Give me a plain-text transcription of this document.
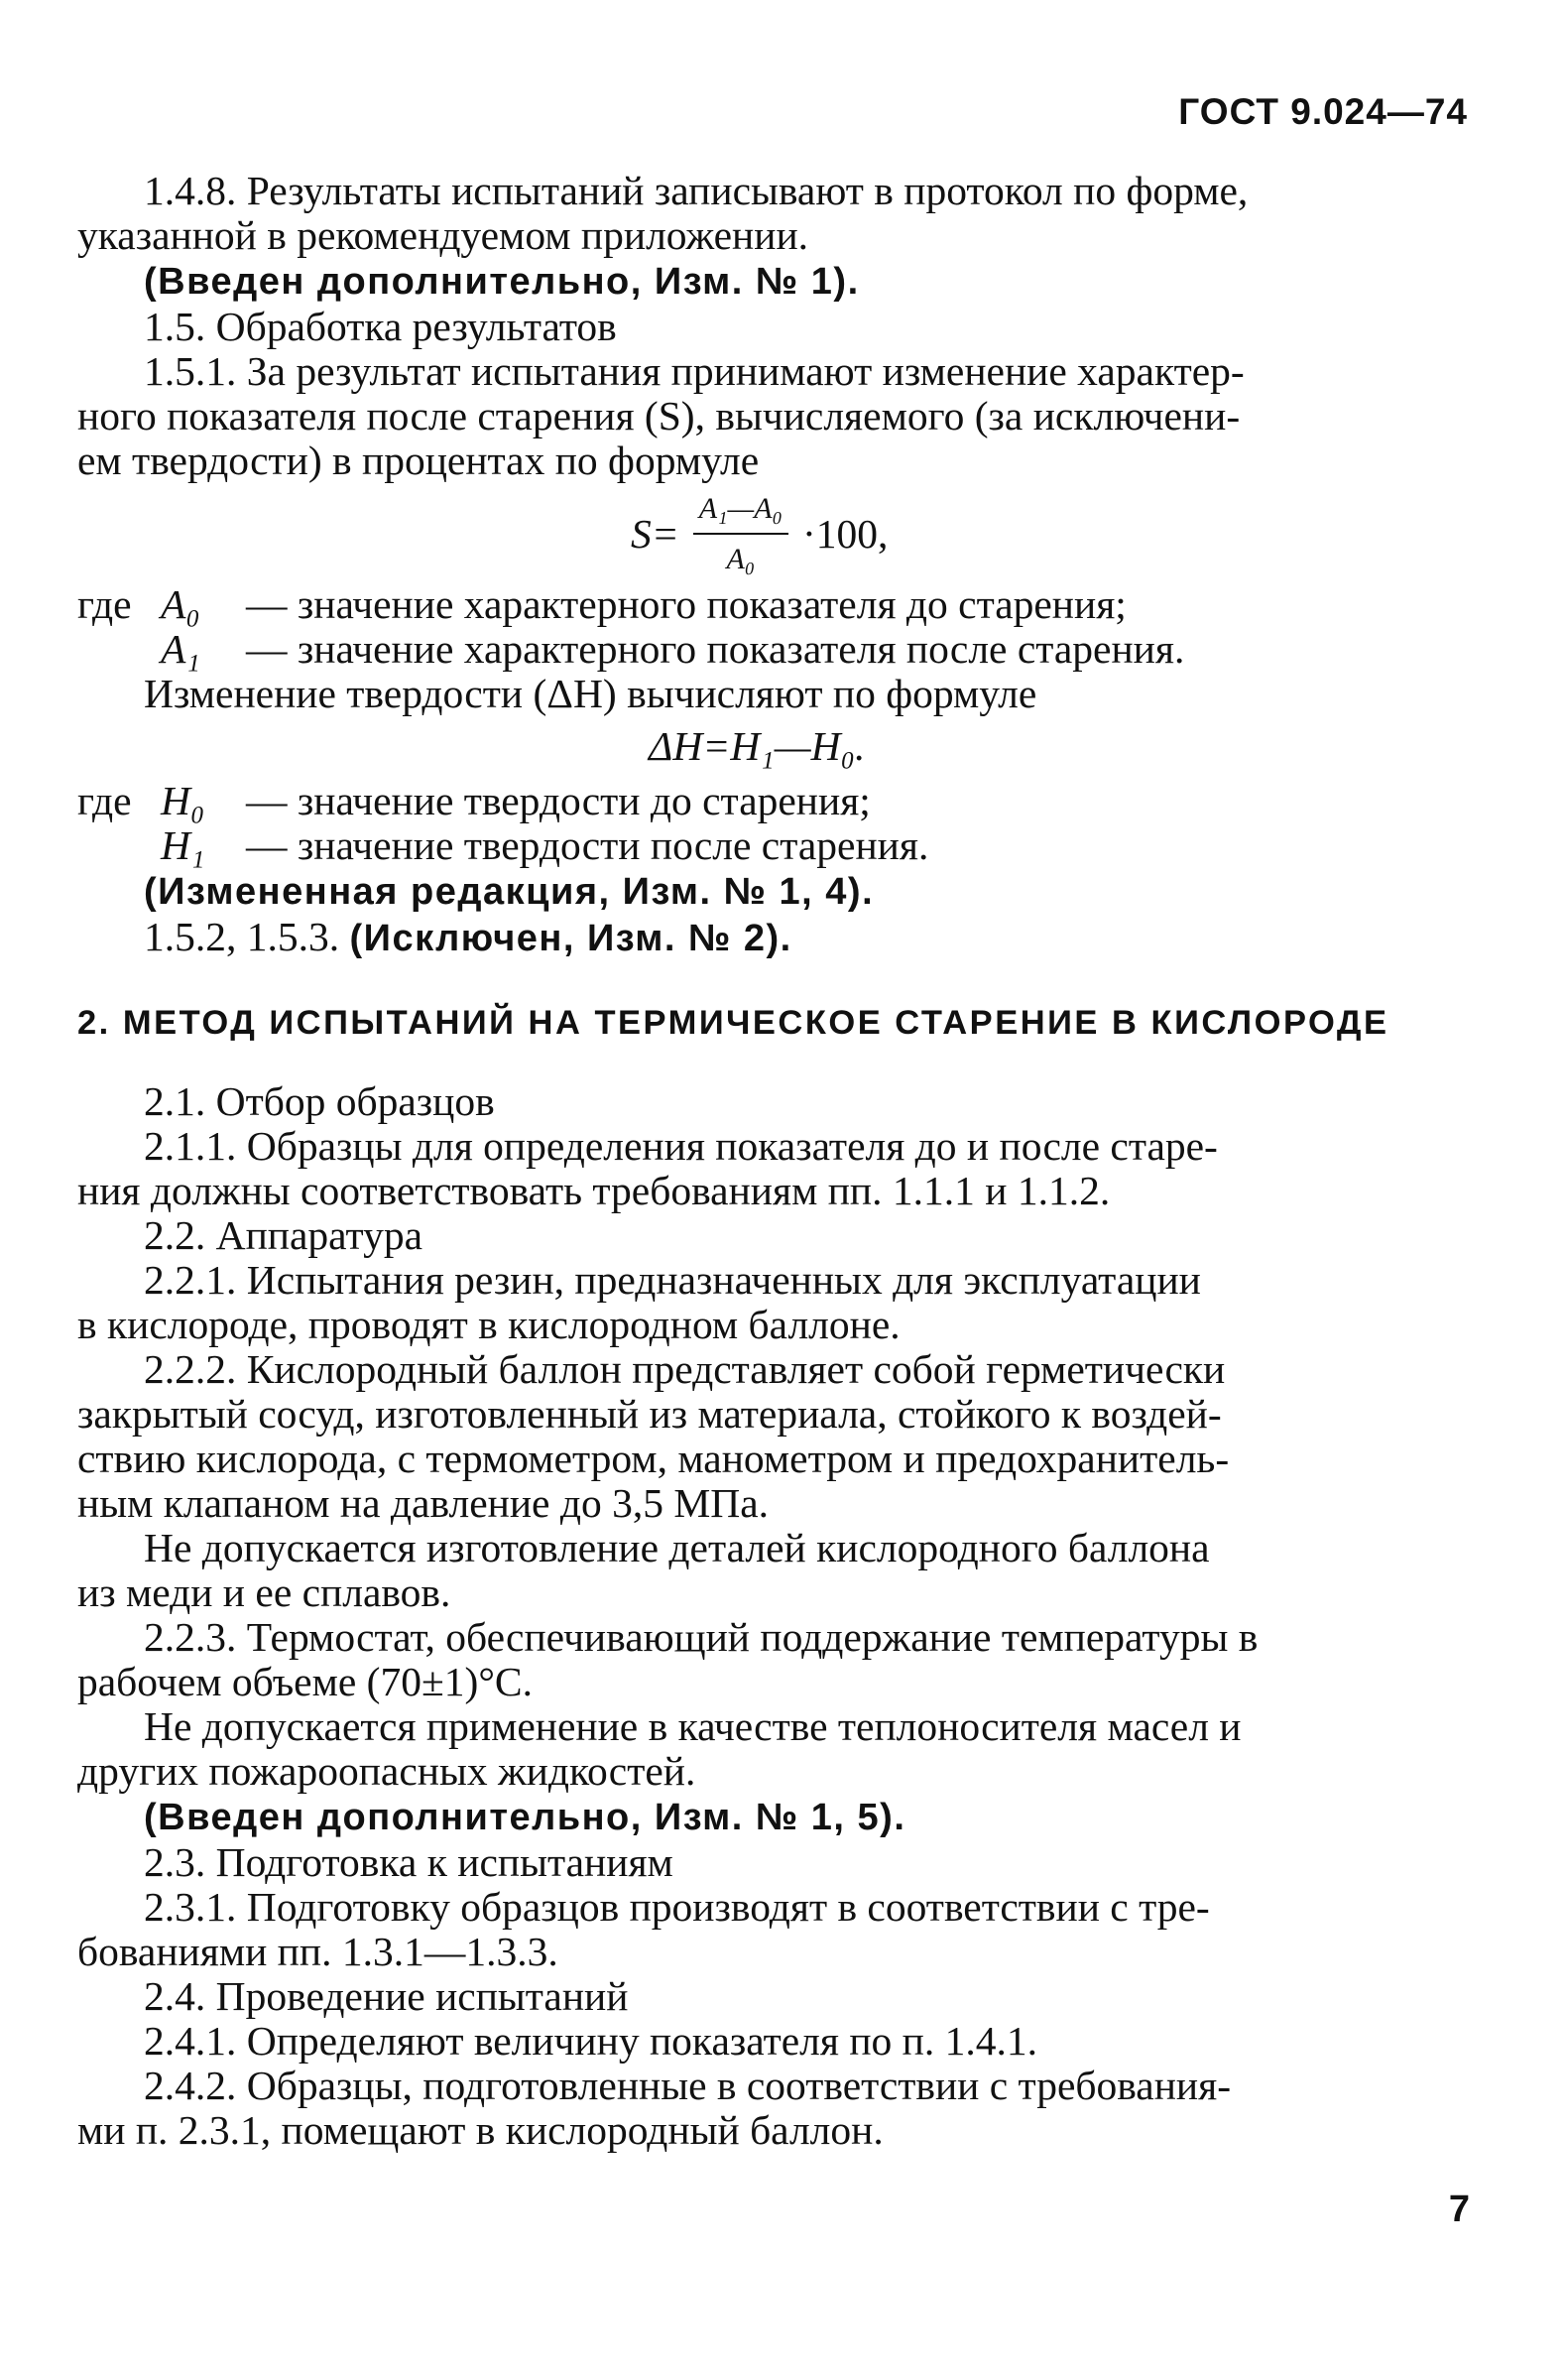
ГОСТ 9.024—74
1.4.8. Результаты испытаний записывают в протокол по форме,
указанной в рекомендуемом приложении.
(Введен дополнительно, Изм. № 1).
1.5. Обработка результатов
1.5.1. За результат испытания принимают изменение характер-
ного показателя после старения (S), вычисляемого (за исключени-
ем твердости) в процентах по формуле
$S= \frac{\text{A₁—A₀}}{\text{A₀}} \cdot 100$,
где A₀	— значение характерного показателя до старения;
A₁	— значение характерного показателя после старения.
Изменение твердости (ΔH) вычисляют по формуле
ΔH=H₁—H₀.
где H₀	— значение твердости до старения;
H₁	— значение твердости после старения.
(Измененная редакция, Изм. № 1, 4).
1.5.2, 1.5.3. (Исключен, Изм. № 2).
2. МЕТОД ИСПЫТАНИЙ НА ТЕРМИЧЕСКОЕ СТАРЕНИЕ В КИСЛОРОДЕ
2.1. Отбор образцов
2.1.1. Образцы для определения показателя до и после старе-
ния должны соответствовать требованиям пп. 1.1.1 и 1.1.2.
2.2. Аппаратура
2.2.1. Испытания резин, предназначенных для эксплуатации
в кислороде, проводят в кислородном баллоне.
2.2.2. Кислородный баллон представляет собой герметически
закрытый сосуд, изготовленный из материала, стойкого к воздей-
ствию кислорода, с термометром, манометром и предохранитель-
ным клапаном на давление до 3,5 МПа.
Не допускается изготовление деталей кислородного баллона
из меди и ее сплавов.
2.2.3. Термостат, обеспечивающий поддержание температуры в
рабочем объеме (70±1)°С.
Не допускается применение в качестве теплоносителя масел и
других пожароопасных жидкостей.
(Введен дополнительно, Изм. № 1, 5).
2.3. Подготовка к испытаниям
2.3.1. Подготовку образцов производят в соответствии с тре-
бованиями пп. 1.3.1—1.3.3.
2.4. Проведение испытаний
2.4.1. Определяют величину показателя по п. 1.4.1.
2.4.2. Образцы, подготовленные в соответствии с требования-
ми п. 2.3.1, помещают в кислородный баллон.
7
